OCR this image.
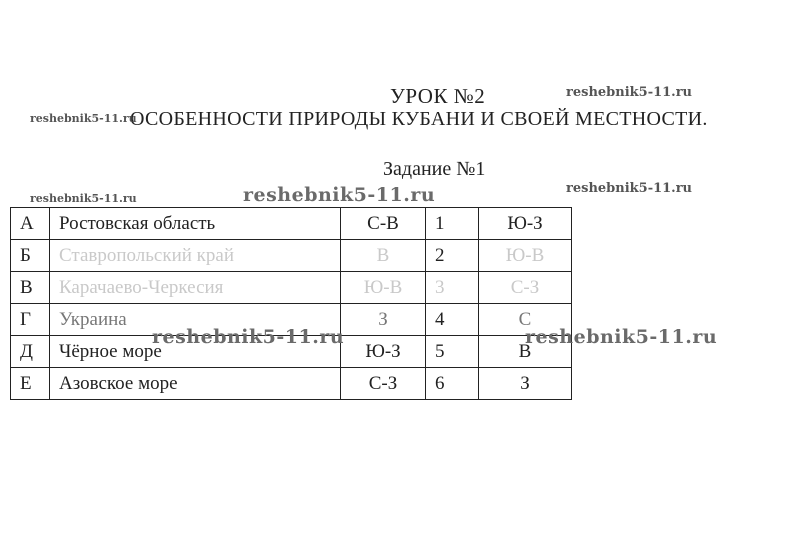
УРОК №2
ОСОБЕННОСТИ ПРИРОДЫ КУБАНИ И СВОЕЙ МЕСТНОСТИ.
Задание №1
reshebnik5-11.ru
reshebnik5-11.ru
reshebnik5-11.ru
reshebnik5-11.ru
А	Ростовская область	С-В	1	Ю-З
Б	Ставропольский край	В	2	Ю-В
В	Карачаево-Черкесия	Ю-В	3	С-З
Г	Украина	З	4	С
Д	Чёрное море	Ю-З	5	В
Е	Азовское море	С-З	6	З
reshebnik5-11.ru
reshebnik5-11.ru	reshebnik5-11.ru
